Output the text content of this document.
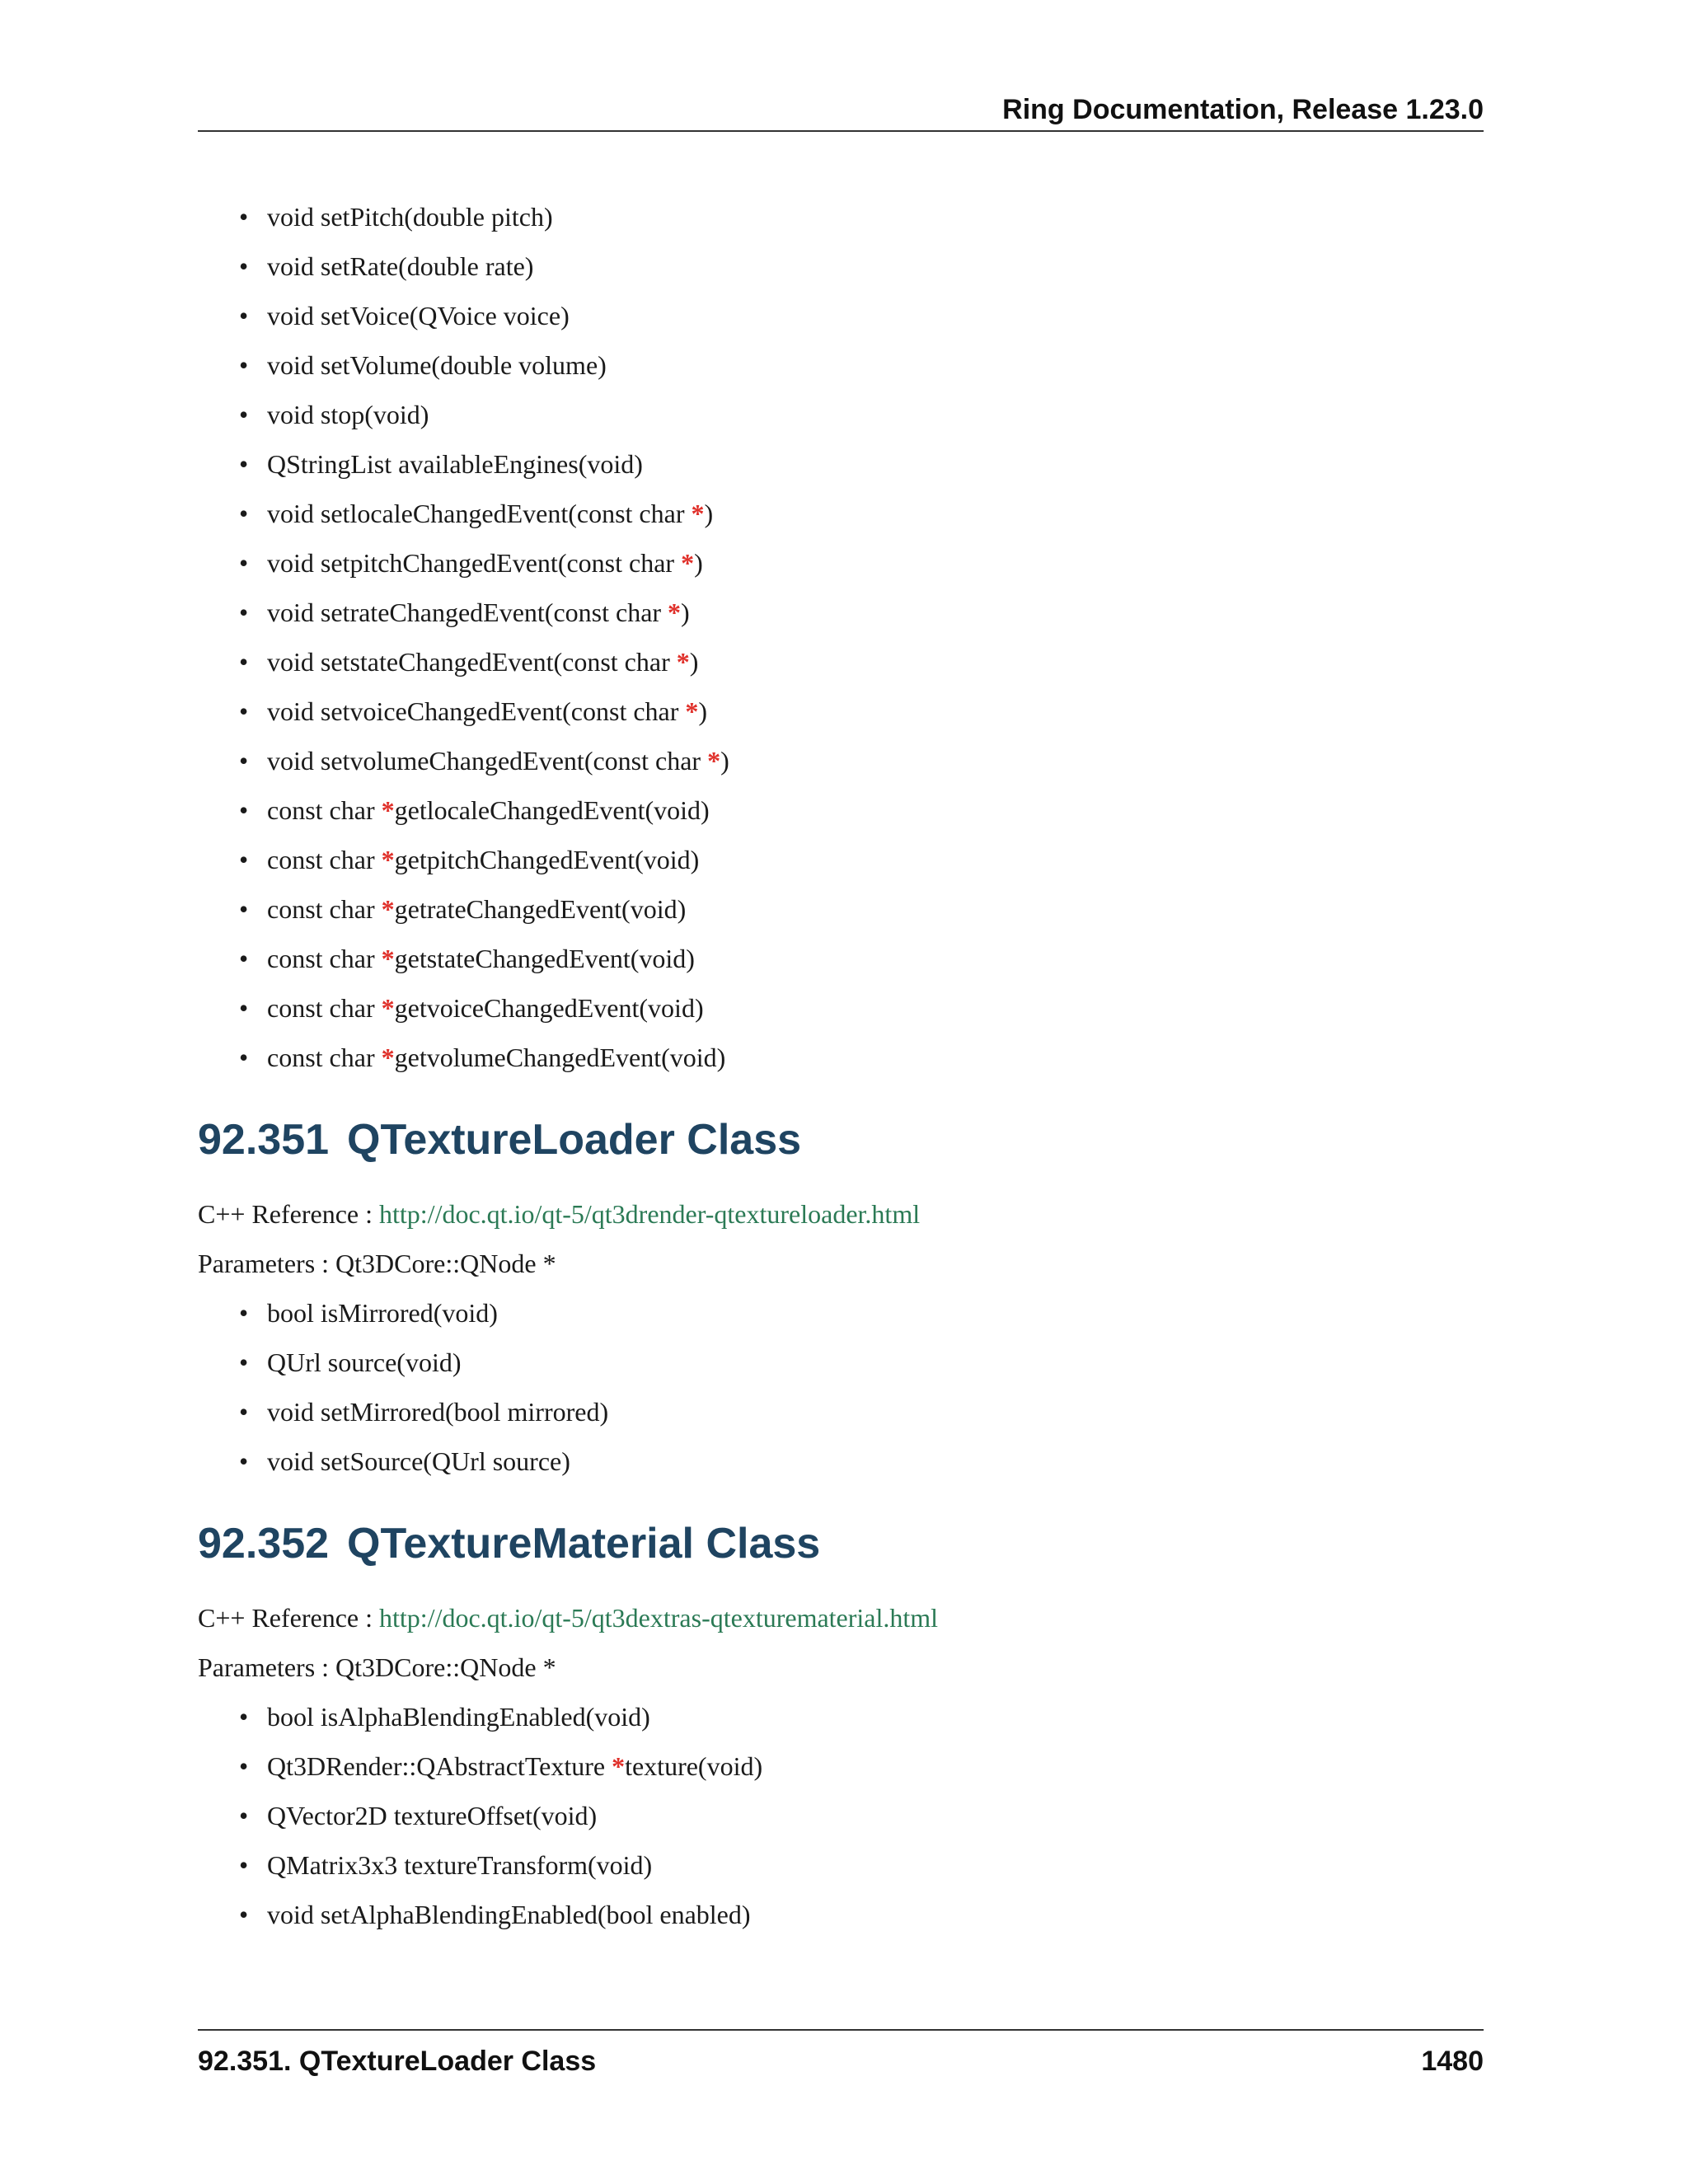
Ring Documentation, Release 1.23.0
• void setPitch(double pitch)
• void setRate(double rate)
• void setVoice(QVoice voice)
• void setVolume(double volume)
• void stop(void)
• QStringList availableEngines(void)
• void setlocaleChangedEvent(const char *)
• void setpitchChangedEvent(const char *)
• void setrateChangedEvent(const char *)
• void setstateChangedEvent(const char *)
• void setvoiceChangedEvent(const char *)
• void setvolumeChangedEvent(const char *)
• const char *getlocaleChangedEvent(void)
• const char *getpitchChangedEvent(void)
• const char *getrateChangedEvent(void)
• const char *getstateChangedEvent(void)
• const char *getvoiceChangedEvent(void)
• const char *getvolumeChangedEvent(void)
92.351 QTextureLoader Class

C++ Reference : http://doc.qt.io/qt-5/qt3drender-qtextureloader.html

Parameters : Qt3DCore::QNode *

• bool isMirrored(void)
• QUrl source(void)
• void setMirrored(bool mirrored)
• void setSource(QUrl source)
92.352 QTextureMaterial Class

C++ Reference : http://doc.qt.io/qt-5/qt3dextras-qtexturematerial.html

Parameters : Qt3DCore::QNode *

• bool isAlphaBlendingEnabled(void)
• Qt3DRender::QAbstractTexture *texture(void)
• QVector2D textureOffset(void)
• QMatrix3x3 textureTransform(void)
• void setAlphaBlendingEnabled(bool enabled)
92.351. QTextureLoader Class	1480
